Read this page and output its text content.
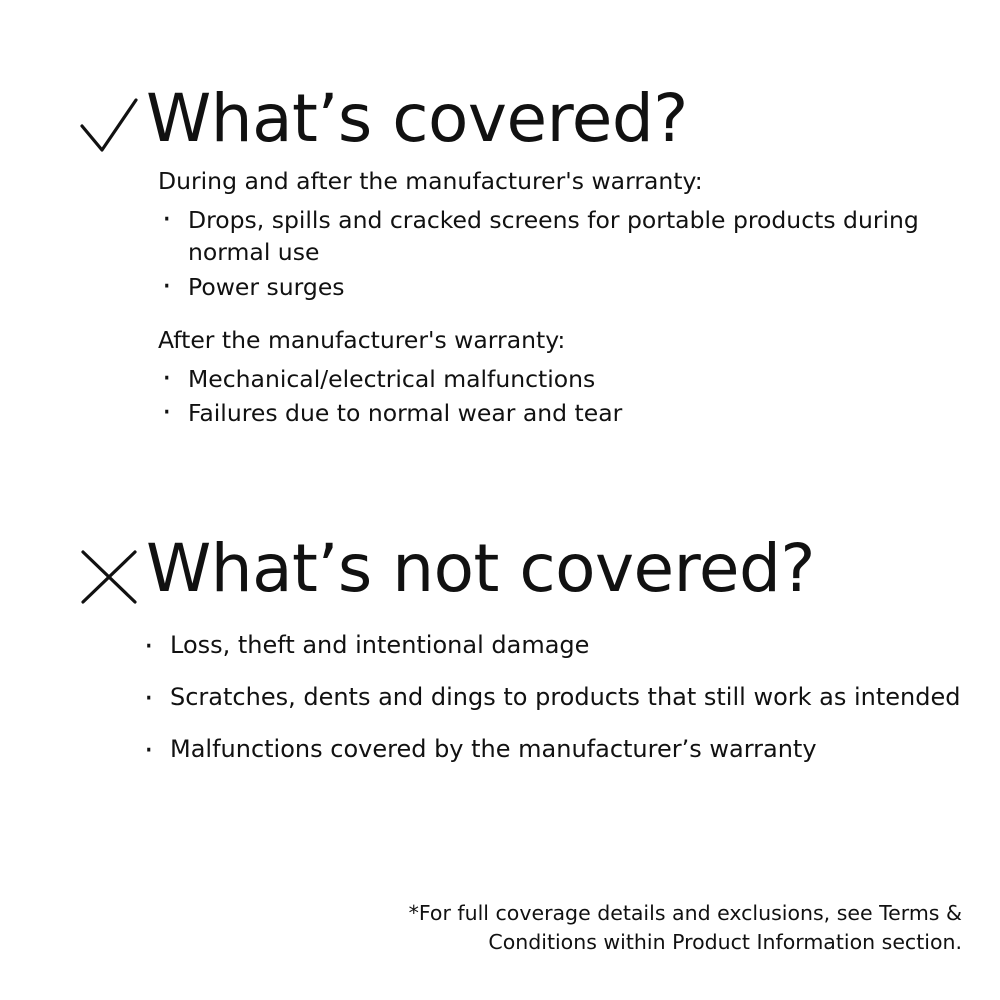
What’s covered?

During and after the manufacturer's warranty:

· Drops, spills and cracked screens for portable products during normal use
· Power surges

After the manufacturer's warranty:

· Mechanical/electrical malfunctions
· Failures due to normal wear and tear
What’s not covered?
· Loss, theft and intentional damage
· Scratches, dents and dings to products that still work as intended
· Malfunctions covered by the manufacturer’s warranty
*For full coverage details and exclusions, see Terms & Conditions within Product Information section.
